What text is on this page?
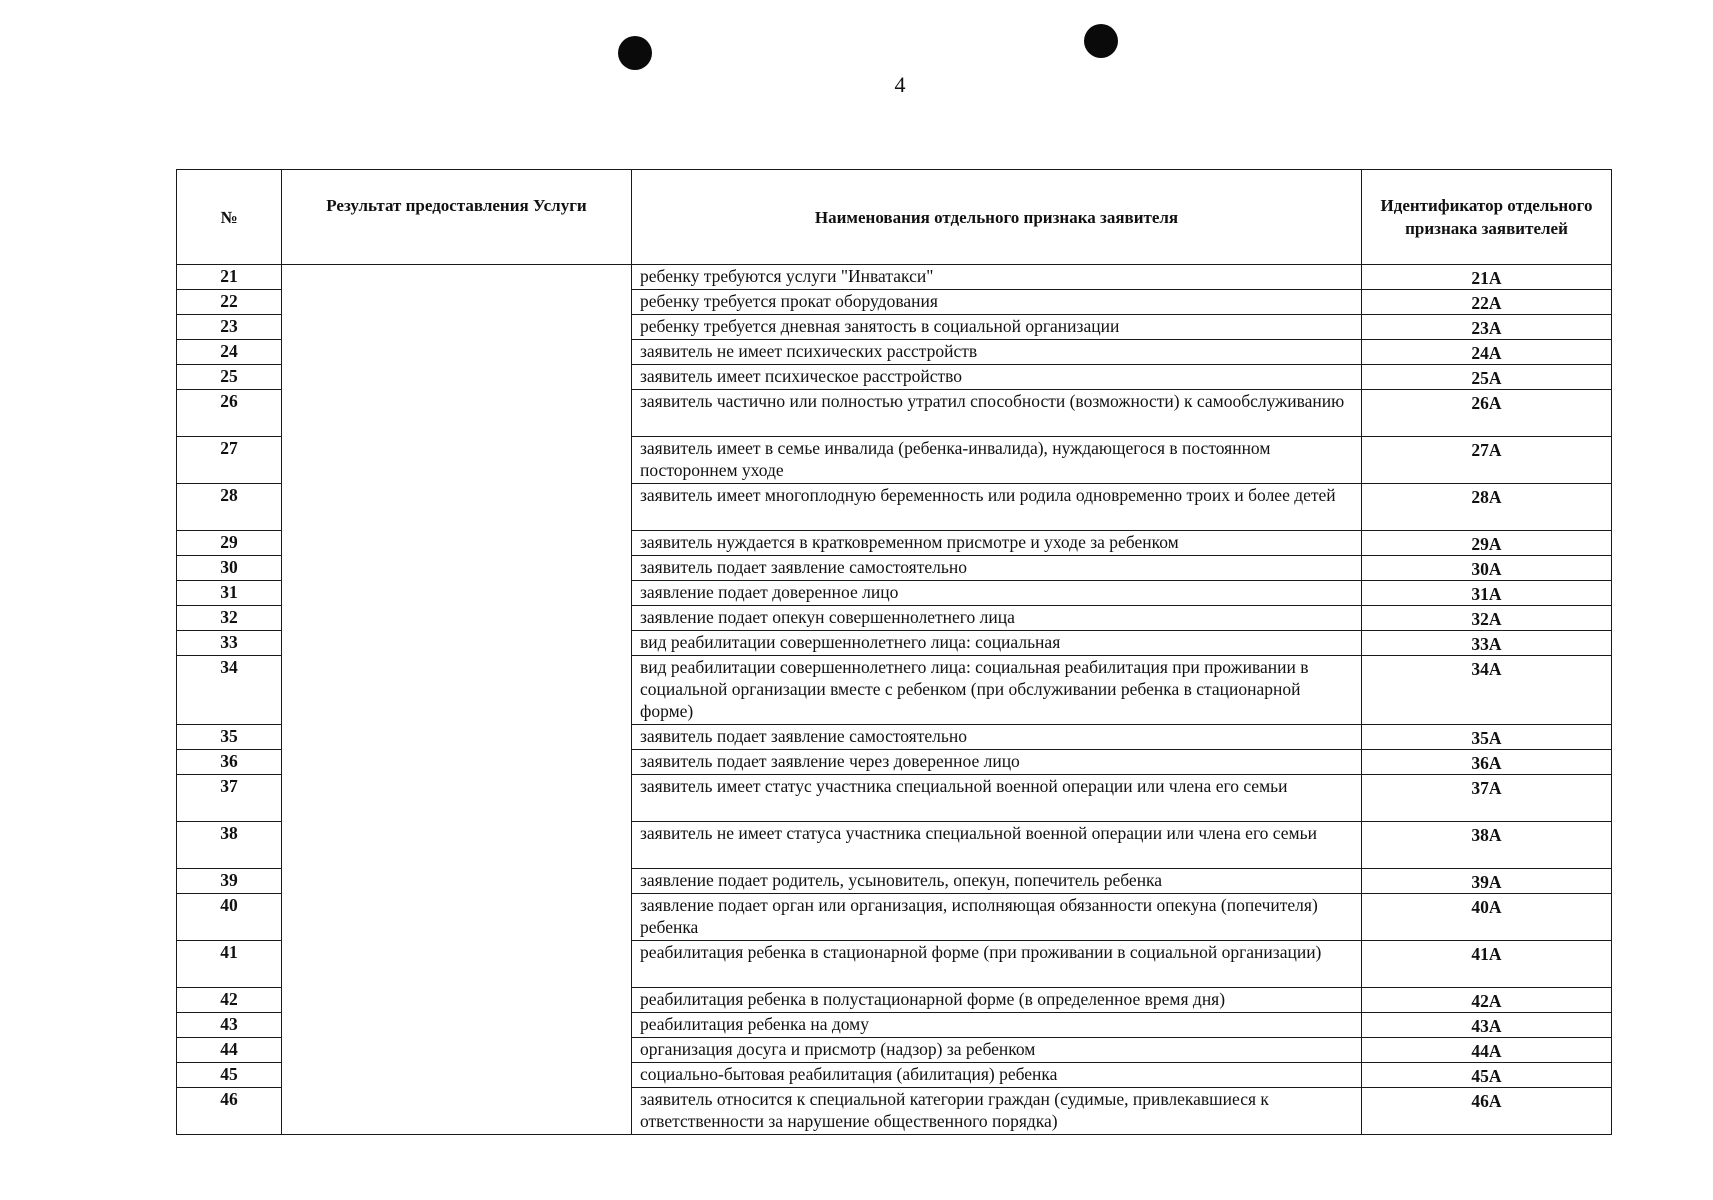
4
№	Результат предоставления Услуги	Наименования отдельного признака заявителя	Идентификатор отдельного признака заявителей
21		ребенку требуются услуги "Инватакси"	21А
22		ребенку требуется прокат оборудования	22А
23		ребенку требуется дневная занятость в социальной организации	23А
24		заявитель не имеет психических расстройств	24А
25		заявитель имеет психическое расстройство	25А
26		заявитель частично или полностью утратил способности (возможности) к самообслуживанию	26А
27		заявитель имеет в семье инвалида (ребенка-инвалида), нуждающегося в постоянном постороннем уходе	27А
28		заявитель имеет многоплодную беременность или родила одновременно троих и более детей	28А
29		заявитель нуждается в кратковременном присмотре и уходе за ребенком	29А
30		заявитель подает заявление самостоятельно	30А
31		заявление подает доверенное лицо	31А
32		заявление подает опекун совершеннолетнего лица	32А
33		вид реабилитации совершеннолетнего лица: социальная	33А
34		вид реабилитации совершеннолетнего лица: социальная реабилитация при проживании в социальной организации вместе с ребенком (при обслуживании ребенка в стационарной форме)	34А
35		заявитель подает заявление самостоятельно	35А
36		заявитель подает заявление через доверенное лицо	36А
37		заявитель имеет статус участника специальной военной операции или члена его семьи	37А
38		заявитель не имеет статуса участника специальной военной операции или члена его семьи	38А
39		заявление подает родитель, усыновитель, опекун, попечитель ребенка	39А
40		заявление подает орган или организация, исполняющая обязанности опекуна (попечителя) ребенка	40А
41		реабилитация ребенка в стационарной форме (при проживании в социальной организации)	41А
42		реабилитация ребенка в полустационарной форме (в определенное время дня)	42А
43		реабилитация ребенка на дому	43А
44		организация досуга и присмотр (надзор) за ребенком	44А
45		социально-бытовая реабилитация (абилитация) ребенка	45А
46		заявитель относится к специальной категории граждан (судимые, привлекавшиеся к ответственности за нарушение общественного порядка)	46А
